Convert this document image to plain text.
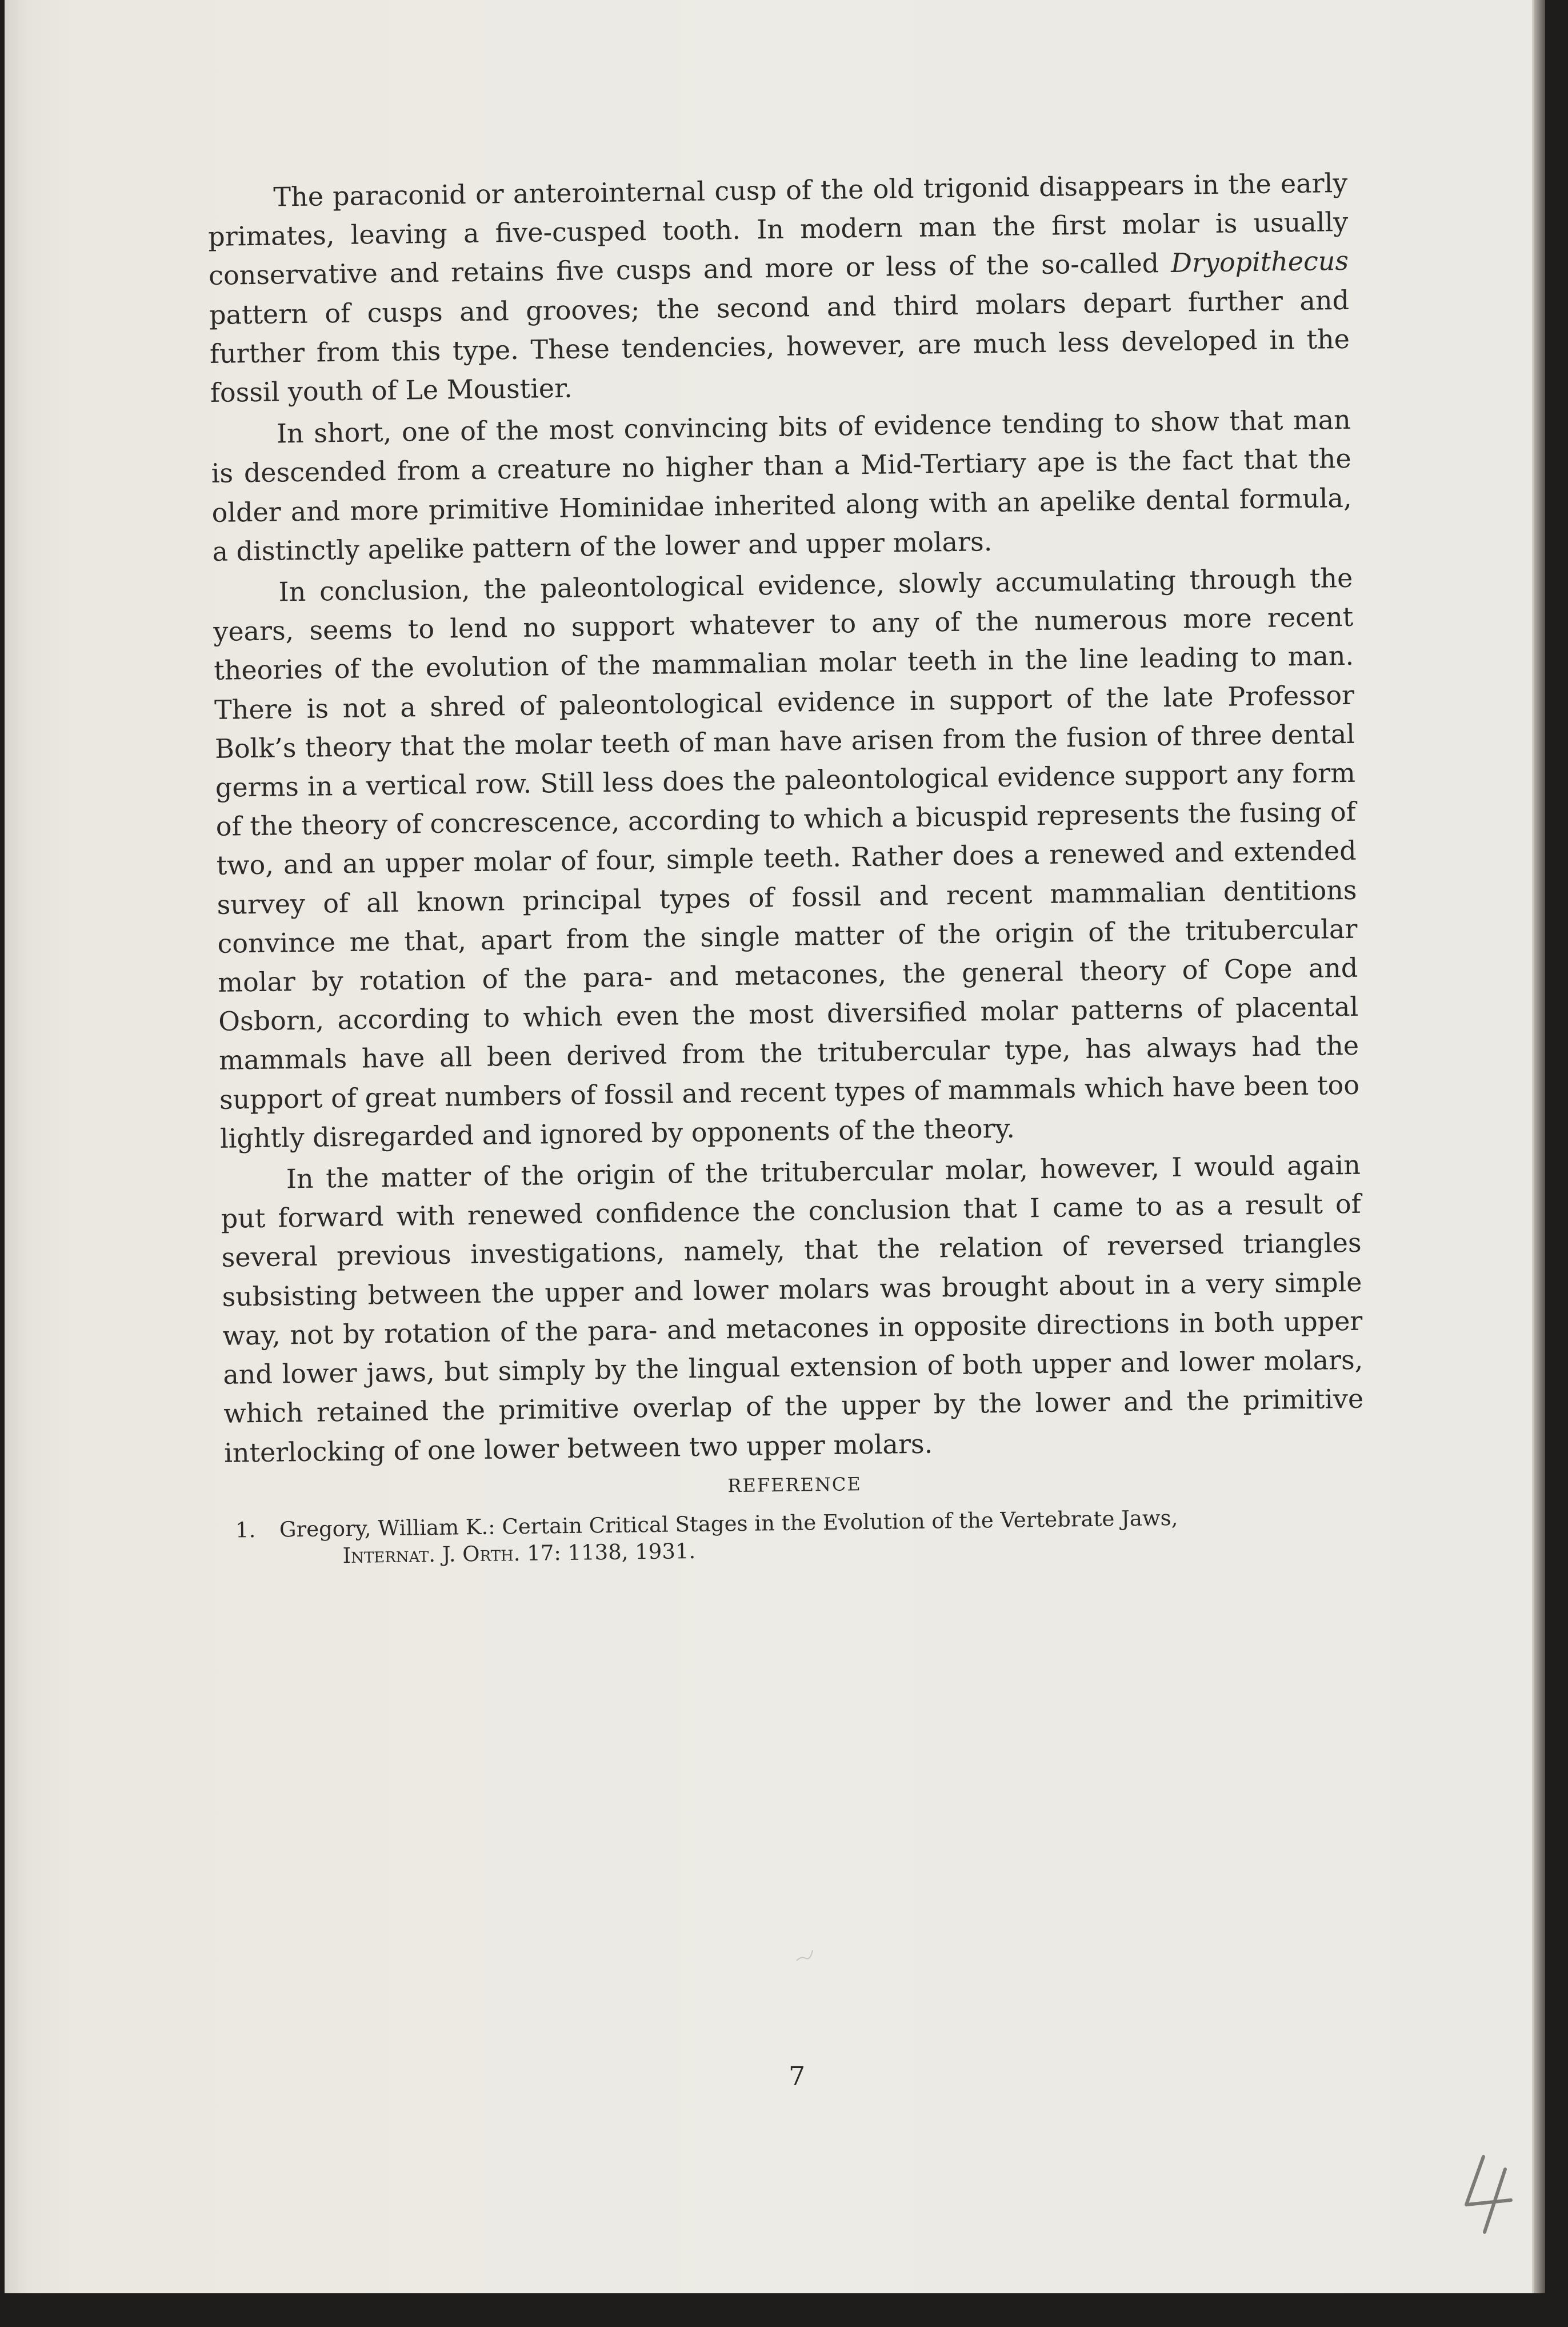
The paraconid or anterointernal cusp of the old trigonid disappears in the early primates, leaving a five-cusped tooth. In modern man the first molar is usually conservative and retains five cusps and more or less of the so-called Dryopithecus pattern of cusps and grooves; the second and third molars depart further and further from this type. These tendencies, however, are much less developed in the fossil youth of Le Moustier.

In short, one of the most convincing bits of evidence tending to show that man is descended from a creature no higher than a Mid-Tertiary ape is the fact that the older and more primitive Hominidae inherited along with an apelike dental formula, a distinctly apelike pattern of the lower and upper molars.

In conclusion, the paleontological evidence, slowly accumulating through the years, seems to lend no support whatever to any of the numerous more recent theories of the evolution of the mammalian molar teeth in the line leading to man. There is not a shred of paleontological evidence in support of the late Professor Bolk’s theory that the molar teeth of man have arisen from the fusion of three dental germs in a vertical row. Still less does the paleontological evidence support any form of the theory of concrescence, according to which a bicuspid represents the fusing of two, and an upper molar of four, simple teeth. Rather does a renewed and extended survey of all known principal types of fossil and recent mammalian dentitions convince me that, apart from the single matter of the origin of the tritubercular molar by rotation of the para- and metacones, the general theory of Cope and Osborn, according to which even the most diversified molar patterns of placental mammals have all been derived from the tritubercular type, has always had the support of great numbers of fossil and recent types of mammals which have been too lightly disregarded and ignored by opponents of the theory.

In the matter of the origin of the tritubercular molar, however, I would again put forward with renewed confidence the conclusion that I came to as a result of several previous investigations, namely, that the relation of reversed triangles subsisting between the upper and lower molars was brought about in a very simple way, not by rotation of the para- and metacones in opposite directions in both upper and lower jaws, but simply by the lingual extension of both upper and lower molars, which retained the primitive overlap of the upper by the lower and the primitive interlocking of one lower between two upper molars.

REFERENCE
1. Gregory, William K.: Certain Critical Stages in the Evolution of the Vertebrate Jaws,
Internat. J. Orth. 17: 1138, 1931.
7
